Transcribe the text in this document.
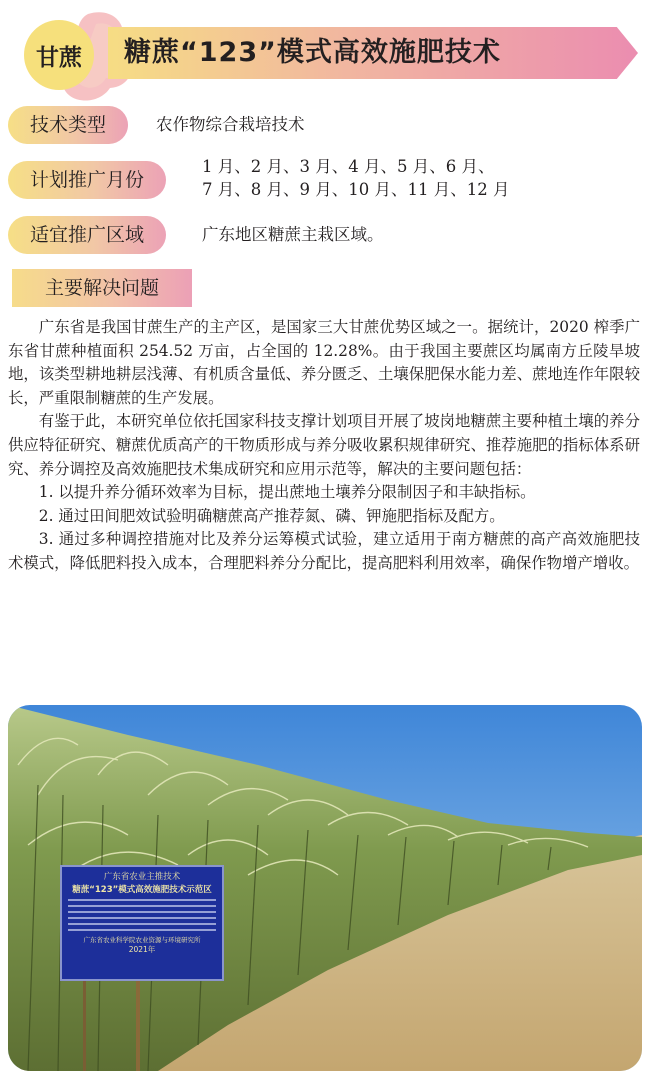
甘蔗 糖蔗“123”模式高效施肥技术
技术类型	农作物综合栽培技术
计划推广月份
1 月、2 月、3 月、4 月、5 月、6 月、
7 月、8 月、9 月、10 月、11 月、12 月
适宜推广区域	广东地区糖蔗主栽区域。
主要解决问题

广东省是我国甘蔗生产的主产区，是国家三大甘蔗优势区域之一。据统计，2020 榨季广东省甘蔗种植面积 254.52 万亩，占全国的 12.28%。由于我国主要蔗区均属南方丘陵旱坡地，该类型耕地耕层浅薄、有机质含量低、养分匮乏、土壤保肥保水能力差、蔗地连作年限较长，严重限制糖蔗的生产发展。

有鉴于此，本研究单位依托国家科技支撑计划项目开展了坡岗地糖蔗主要种植土壤的养分供应特征研究、糖蔗优质高产的干物质形成与养分吸收累积规律研究、推荐施肥的指标体系研究、养分调控及高效施肥技术集成研究和应用示范等，解决的主要问题包括：

1. 以提升养分循环效率为目标，提出蔗地土壤养分限制因子和丰缺指标。

2. 通过田间肥效试验明确糖蔗高产推荐氮、磷、钾施肥指标及配方。

3. 通过多种调控措施对比及养分运筹模式试验，建立适用于南方糖蔗的高产高效施肥技术模式，降低肥料投入成本，合理肥料养分分配比，提高肥料利用效率，确保作物增产增收。

广东省农业主推技术
糖蔗“123”模式高效施肥技术示范区
广东省农业科学院农业资源与环境研究所
2021年
